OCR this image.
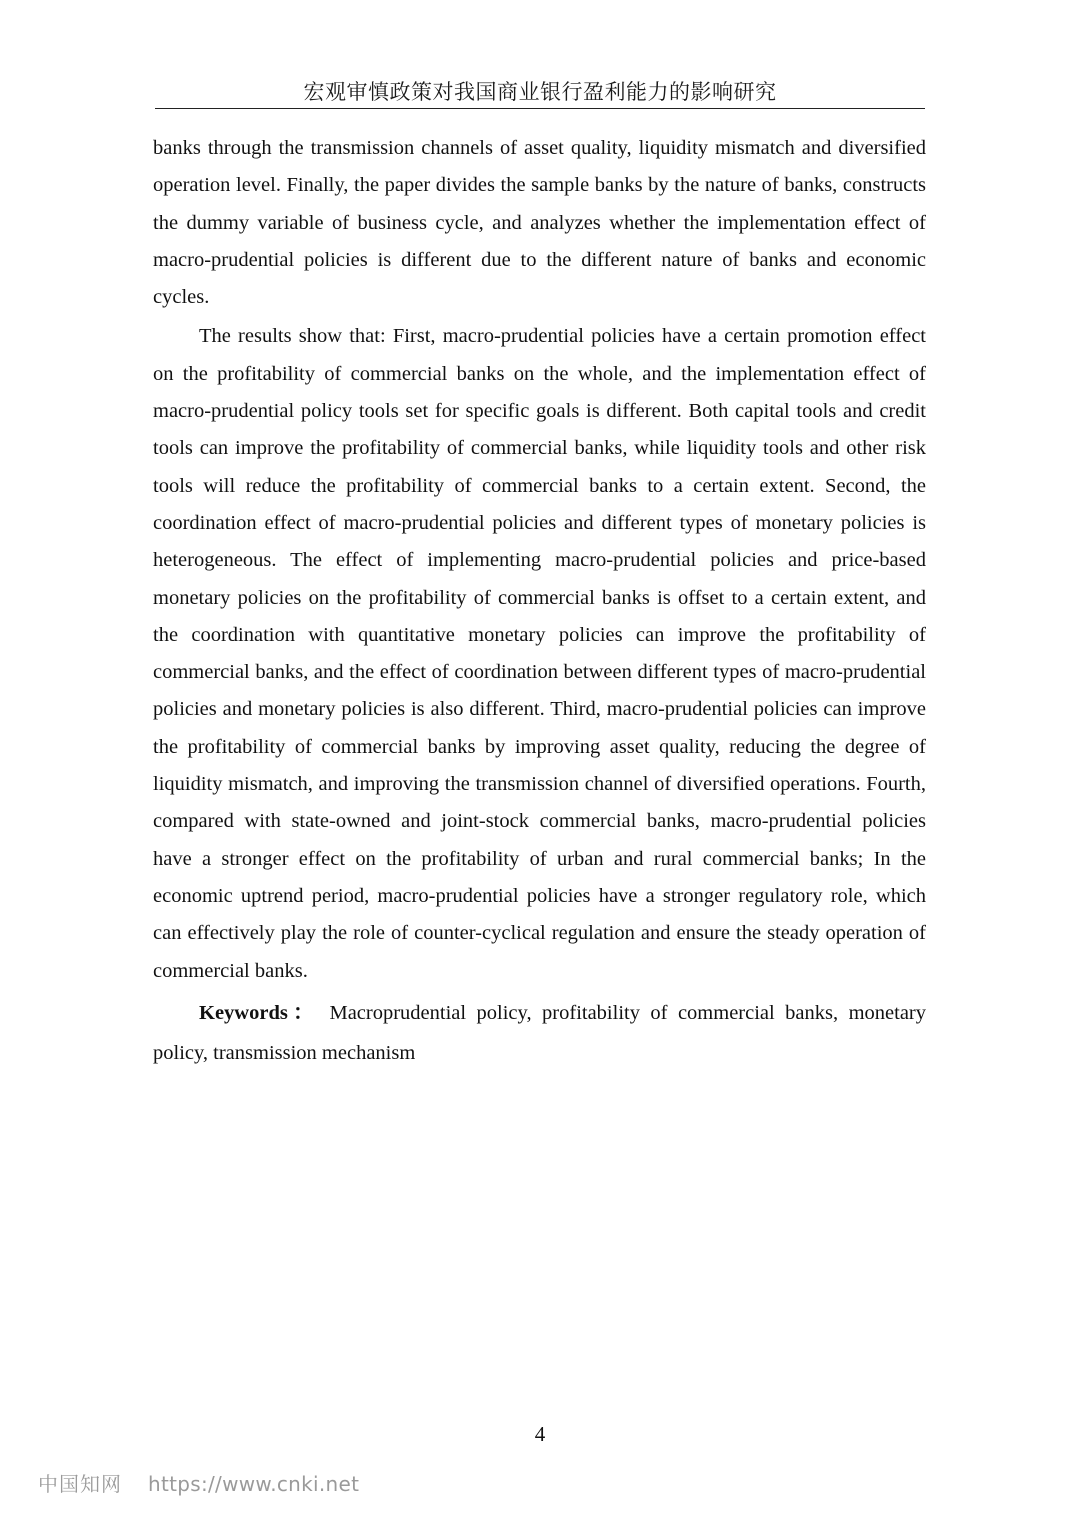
宏观审慎政策对我国商业银行盈利能力的影响研究

banks through the transmission channels of asset quality, liquidity mismatch and diversified operation level. Finally, the paper divides the sample banks by the nature of banks, constructs the dummy variable of business cycle, and analyzes whether the implementation effect of macro-prudential policies is different due to the different nature of banks and economic cycles.

The results show that: First, macro-prudential policies have a certain promotion effect on the profitability of commercial banks on the whole, and the implementation effect of macro-prudential policy tools set for specific goals is different. Both capital tools and credit tools can improve the profitability of commercial banks, while liquidity tools and other risk tools will reduce the profitability of commercial banks to a certain extent. Second, the coordination effect of macro-prudential policies and different types of monetary policies is heterogeneous. The effect of implementing macro-prudential policies and price-based monetary policies on the profitability of commercial banks is offset to a certain extent, and the coordination with quantitative monetary policies can improve the profitability of commercial banks, and the effect of coordination between different types of macro-prudential policies and monetary policies is also different. Third, macro-prudential policies can improve the profitability of commercial banks by improving asset quality, reducing the degree of liquidity mismatch, and improving the transmission channel of diversified operations. Fourth, compared with state-owned and joint-stock commercial banks, macro-prudential policies have a stronger effect on the profitability of urban and rural commercial banks; In the economic uptrend period, macro-prudential policies have a stronger regulatory role, which can effectively play the role of counter-cyclical regulation and ensure the steady operation of commercial banks.

Keywords： Macroprudential policy, profitability of commercial banks, monetary policy, transmission mechanism

4
中国知网 https://www.cnki.net
